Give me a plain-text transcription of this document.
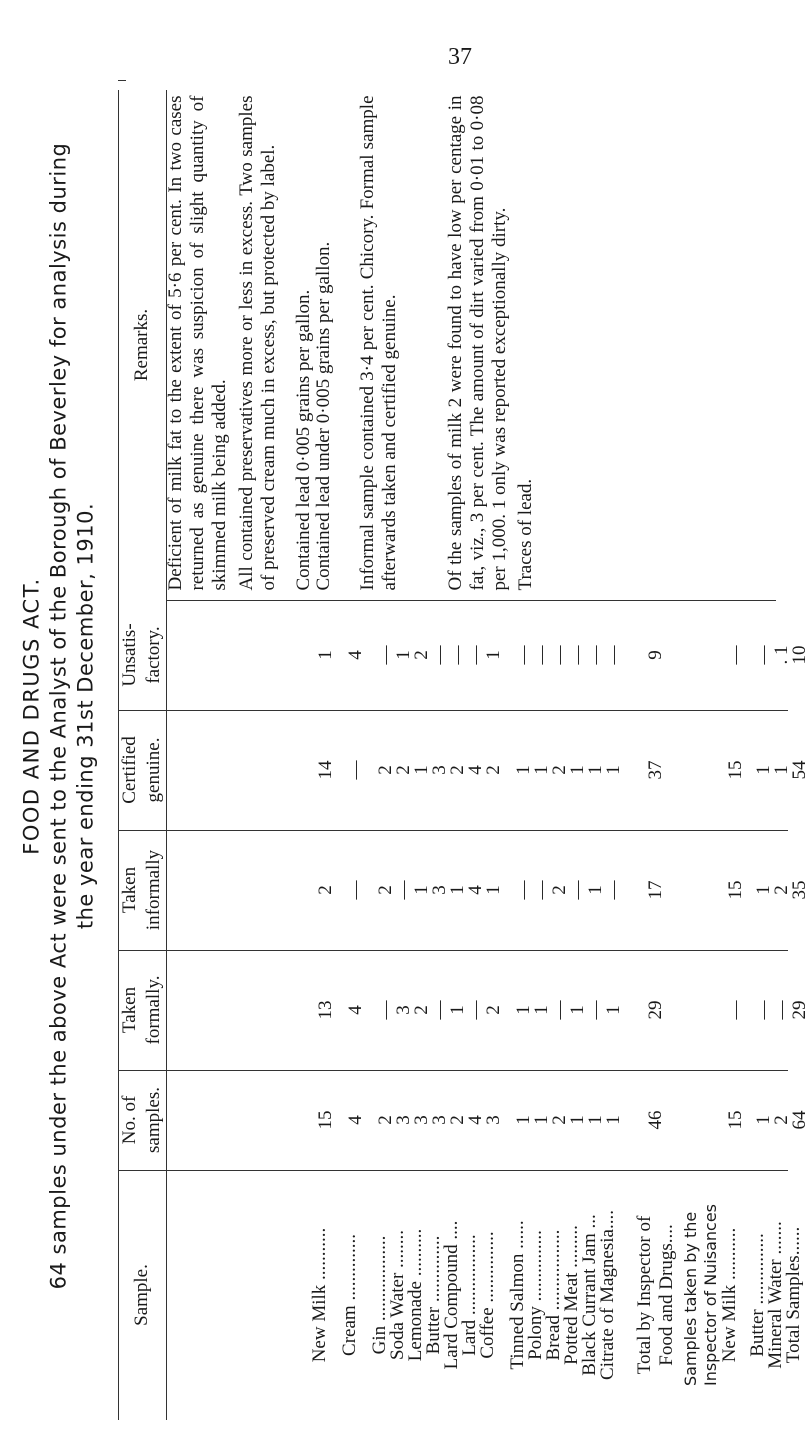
FOOD AND DRUGS ACT. 64 samples under the above Act were sent to the Analyst of the Borough of Beverley for analysis during the year ending 31st December, 1910.
37
Remarks.
Unsatis- factory.
Certified genuine.
Taken informally
Taken formally.
No. of samples.
Sample.
1
14
2
13
15
New Milk ...........
4
—
—
4
4
Cream ..............
—
2
2
—
2
Gin ..................
1
2
—
3
3
Soda Water ........
2
1
1
2
3
Lemonade ..........
—
3
3
—
3
Butter ..............
—
2
1
1
2
Lard Compound ....
—
4
4
—
4
Lard .................
1
2
1
2
3
Coffee ...............
—
1
—
1
1
Tinned Salmon ......
—
1
—
1
1
Polony ...............
—
2
2
—
2
Bread .................
—
1
—
1
1
Potted Meat .........
—
1
1
—
1
Black Currant Jam ...
—
1
—
1
1
Citrate of Magnesia....
9
37
17
29
46
Total by Inspector of Food and Drugs.... Samples taken by the Inspector of Nuisances
—
15
15
—
15
New Milk ...........
—
1
1
—
1
Butter ...............
. 1
1
2
—
2
Mineral Water .......
10
54
35
29
64
Total Samples......
Deficient of milk fat to the extent of 5·6 per cent. In two cases returned as genuine there was suspicion of slight quantity of skimmed milk being added. All contained preservatives more or less in excess. Two samples of preserved cream much in excess, but protected by label. Contained lead 0·005 grains per gallon. Contained lead under 0·005 grains per gallon. Informal sample contained 3·4 per cent. Chicory. Formal sample afterwards taken and certified genuine. Of the samples of milk 2 were found to have low per centage in fat, viz., 3 per cent. The amount of dirt varied from 0·01 to 0·08 per 1,000. 1 only was reported exceptionally dirty. Traces of lead.
